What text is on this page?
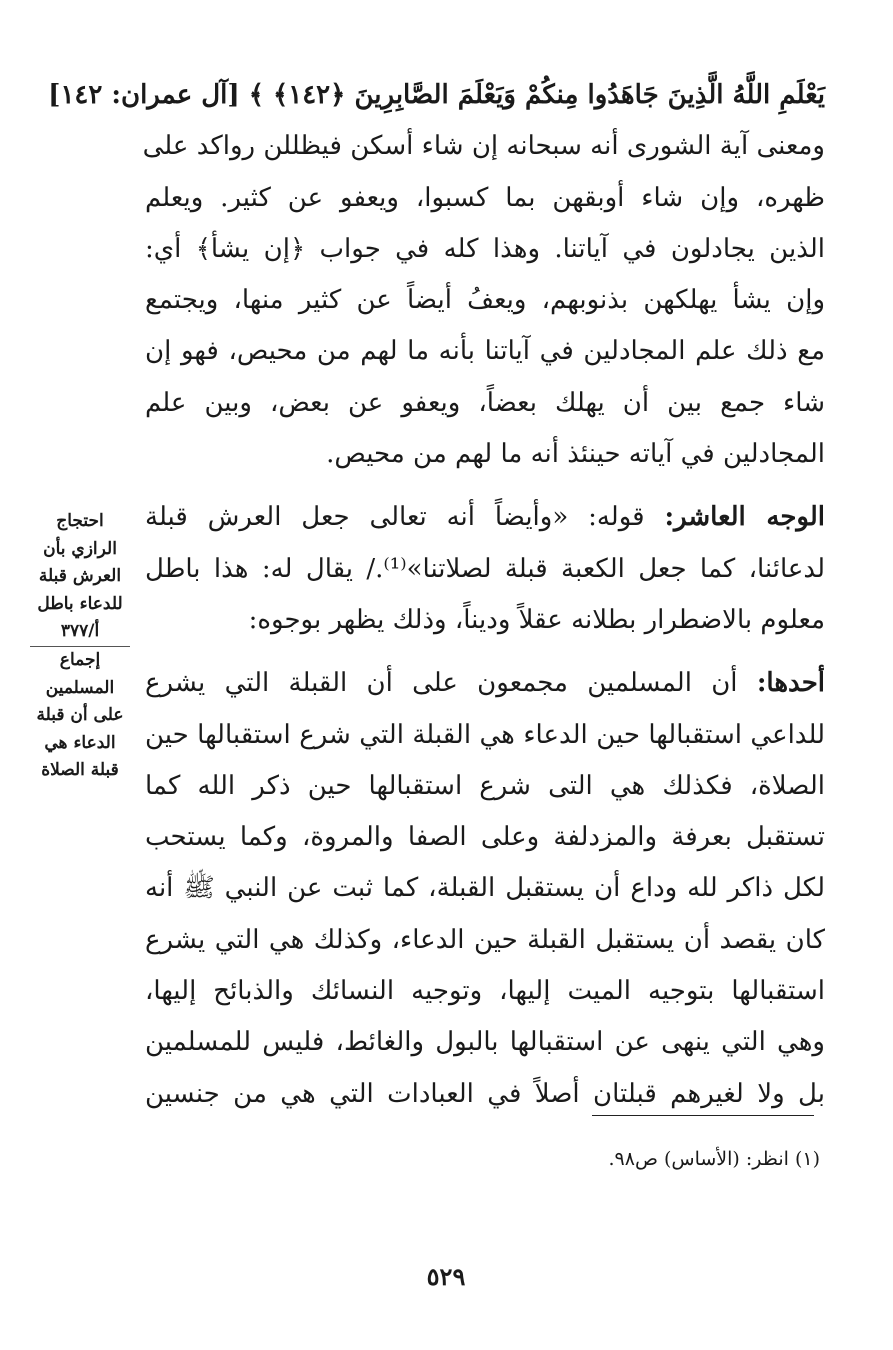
يَعْلَمِ اللَّهُ الَّذِينَ جَاهَدُوا مِنكُمْ وَيَعْلَمَ الصَّابِرِينَ ﴿١٤٢﴾ ﴾ [آل عمران: ١٤٢]
ومعنى آية الشورى أنه سبحانه إن شاء أسكن فيظللن رواكد على
ظهره، وإن شاء أوبقهن بما كسبوا، ويعفو عن كثير. ويعلم
الذين يجادلون في آياتنا. وهذا كله في جواب ﴿إن يشأ﴾ أي:
وإن يشأ يهلكهن بذنوبهم، ويعفُ أيضاً عن كثير منها، ويجتمع
مع ذلك علم المجادلين في آياتنا بأنه ما لهم من محيص، فهو إن
شاء جمع بين أن يهلك بعضاً، ويعفو عن بعض، وبين علم
المجادلين في آياته حينئذ أنه ما لهم من محيص.

الوجه العاشر: قوله: «وأيضاً أنه تعالى جعل العرش قبلة
لدعائنا، كما جعل الكعبة قبلة لصلاتنا»⁽¹⁾./ يقال له: هذا باطل
معلوم بالاضطرار بطلانه عقلاً وديناً، وذلك يظهر بوجوه:

أحدها: أن المسلمين مجمعون على أن القبلة التي يشرع
للداعي استقبالها حين الدعاء هي القبلة التي شرع استقبالها حين
الصلاة، فكذلك هي التى شرع استقبالها حين ذكر الله كما
تستقبل بعرفة والمزدلفة وعلى الصفا والمروة، وكما يستحب
لكل ذاكر لله وداع أن يستقبل القبلة، كما ثبت عن النبي ﷺ أنه
كان يقصد أن يستقبل القبلة حين الدعاء، وكذلك هي التي يشرع
استقبالها بتوجيه الميت إليها، وتوجيه النسائك والذبائح إليها،
وهي التي ينهى عن استقبالها بالبول والغائط، فليس للمسلمين
بل ولا لغيرهم قبلتان أصلاً في العبادات التي هي من جنسين

احتجاج
الرازي بأن
العرش قبلة
للدعاء باطل
أ/٣٧٧
إجماع
المسلمين
على أن قبلة
الدعاء هي
قبلة الصلاة
(١) انظر: (الأساس) ص٩٨.
٥٢٩
